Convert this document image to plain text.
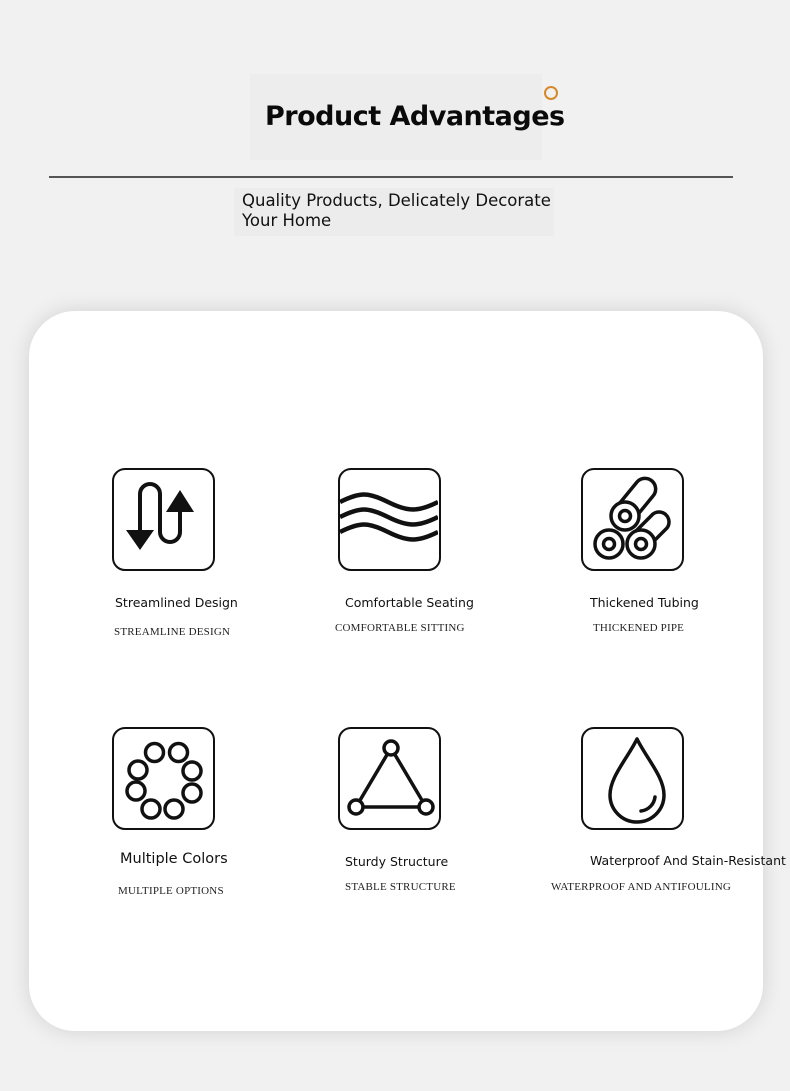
Product Advantages
Quality Products, Delicately Decorate Your Home
Streamlined Design
STREAMLINE DESIGN
Comfortable Seating
COMFORTABLE SITTING
Thickened Tubing
THICKENED PIPE
Multiple Colors
MULTIPLE OPTIONS
Sturdy Structure
STABLE STRUCTURE
Waterproof And Stain-Resistant
WATERPROOF AND ANTIFOULING
